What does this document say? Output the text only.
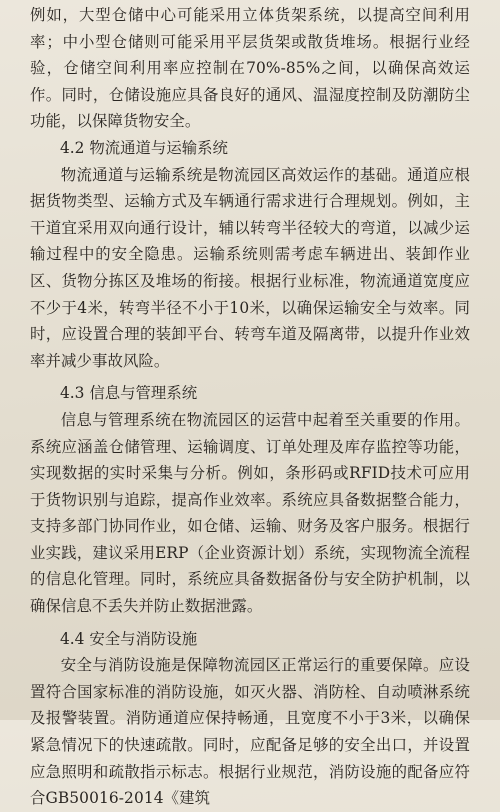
例如，大型仓储中心可能采用立体货架系统，以提高空间利用率；中小型仓储则可能采用平层货架或散货堆场。根据行业经验，仓储空间利用率应控制在70%-85%之间，以确保高效运作。同时，仓储设施应具备良好的通风、温湿度控制及防潮防尘功能，以保障货物安全。

4.2 物流通道与运输系统

物流通道与运输系统是物流园区高效运作的基础。通道应根据货物类型、运输方式及车辆通行需求进行合理规划。例如，主干道宜采用双向通行设计，辅以转弯半径较大的弯道，以减少运输过程中的安全隐患。运输系统则需考虑车辆进出、装卸作业区、货物分拣区及堆场的衔接。根据行业标准，物流通道宽度应不少于4米，转弯半径不小于10米，以确保运输安全与效率。同时，应设置合理的装卸平台、转弯车道及隔离带，以提升作业效率并减少事故风险。

4.3 信息与管理系统

信息与管理系统在物流园区的运营中起着至关重要的作用。系统应涵盖仓储管理、运输调度、订单处理及库存监控等功能，实现数据的实时采集与分析。例如，条形码或RFID技术可应用于货物识别与追踪，提高作业效率。系统应具备数据整合能力，支持多部门协同作业，如仓储、运输、财务及客户服务。根据行业实践，建议采用ERP（企业资源计划）系统，实现物流全流程的信息化管理。同时，系统应具备数据备份与安全防护机制，以确保信息不丢失并防止数据泄露。

4.4 安全与消防设施

安全与消防设施是保障物流园区正常运行的重要保障。应设置符合国家标准的消防设施，如灭火器、消防栓、自动喷淋系统及报警装置。消防通道应保持畅通，且宽度不小于3米，以确保紧急情况下的快速疏散。同时，应配备足够的安全出口，并设置应急照明和疏散指示标志。根据行业规范，消防设施的配备应符合GB50016-2014《建筑
